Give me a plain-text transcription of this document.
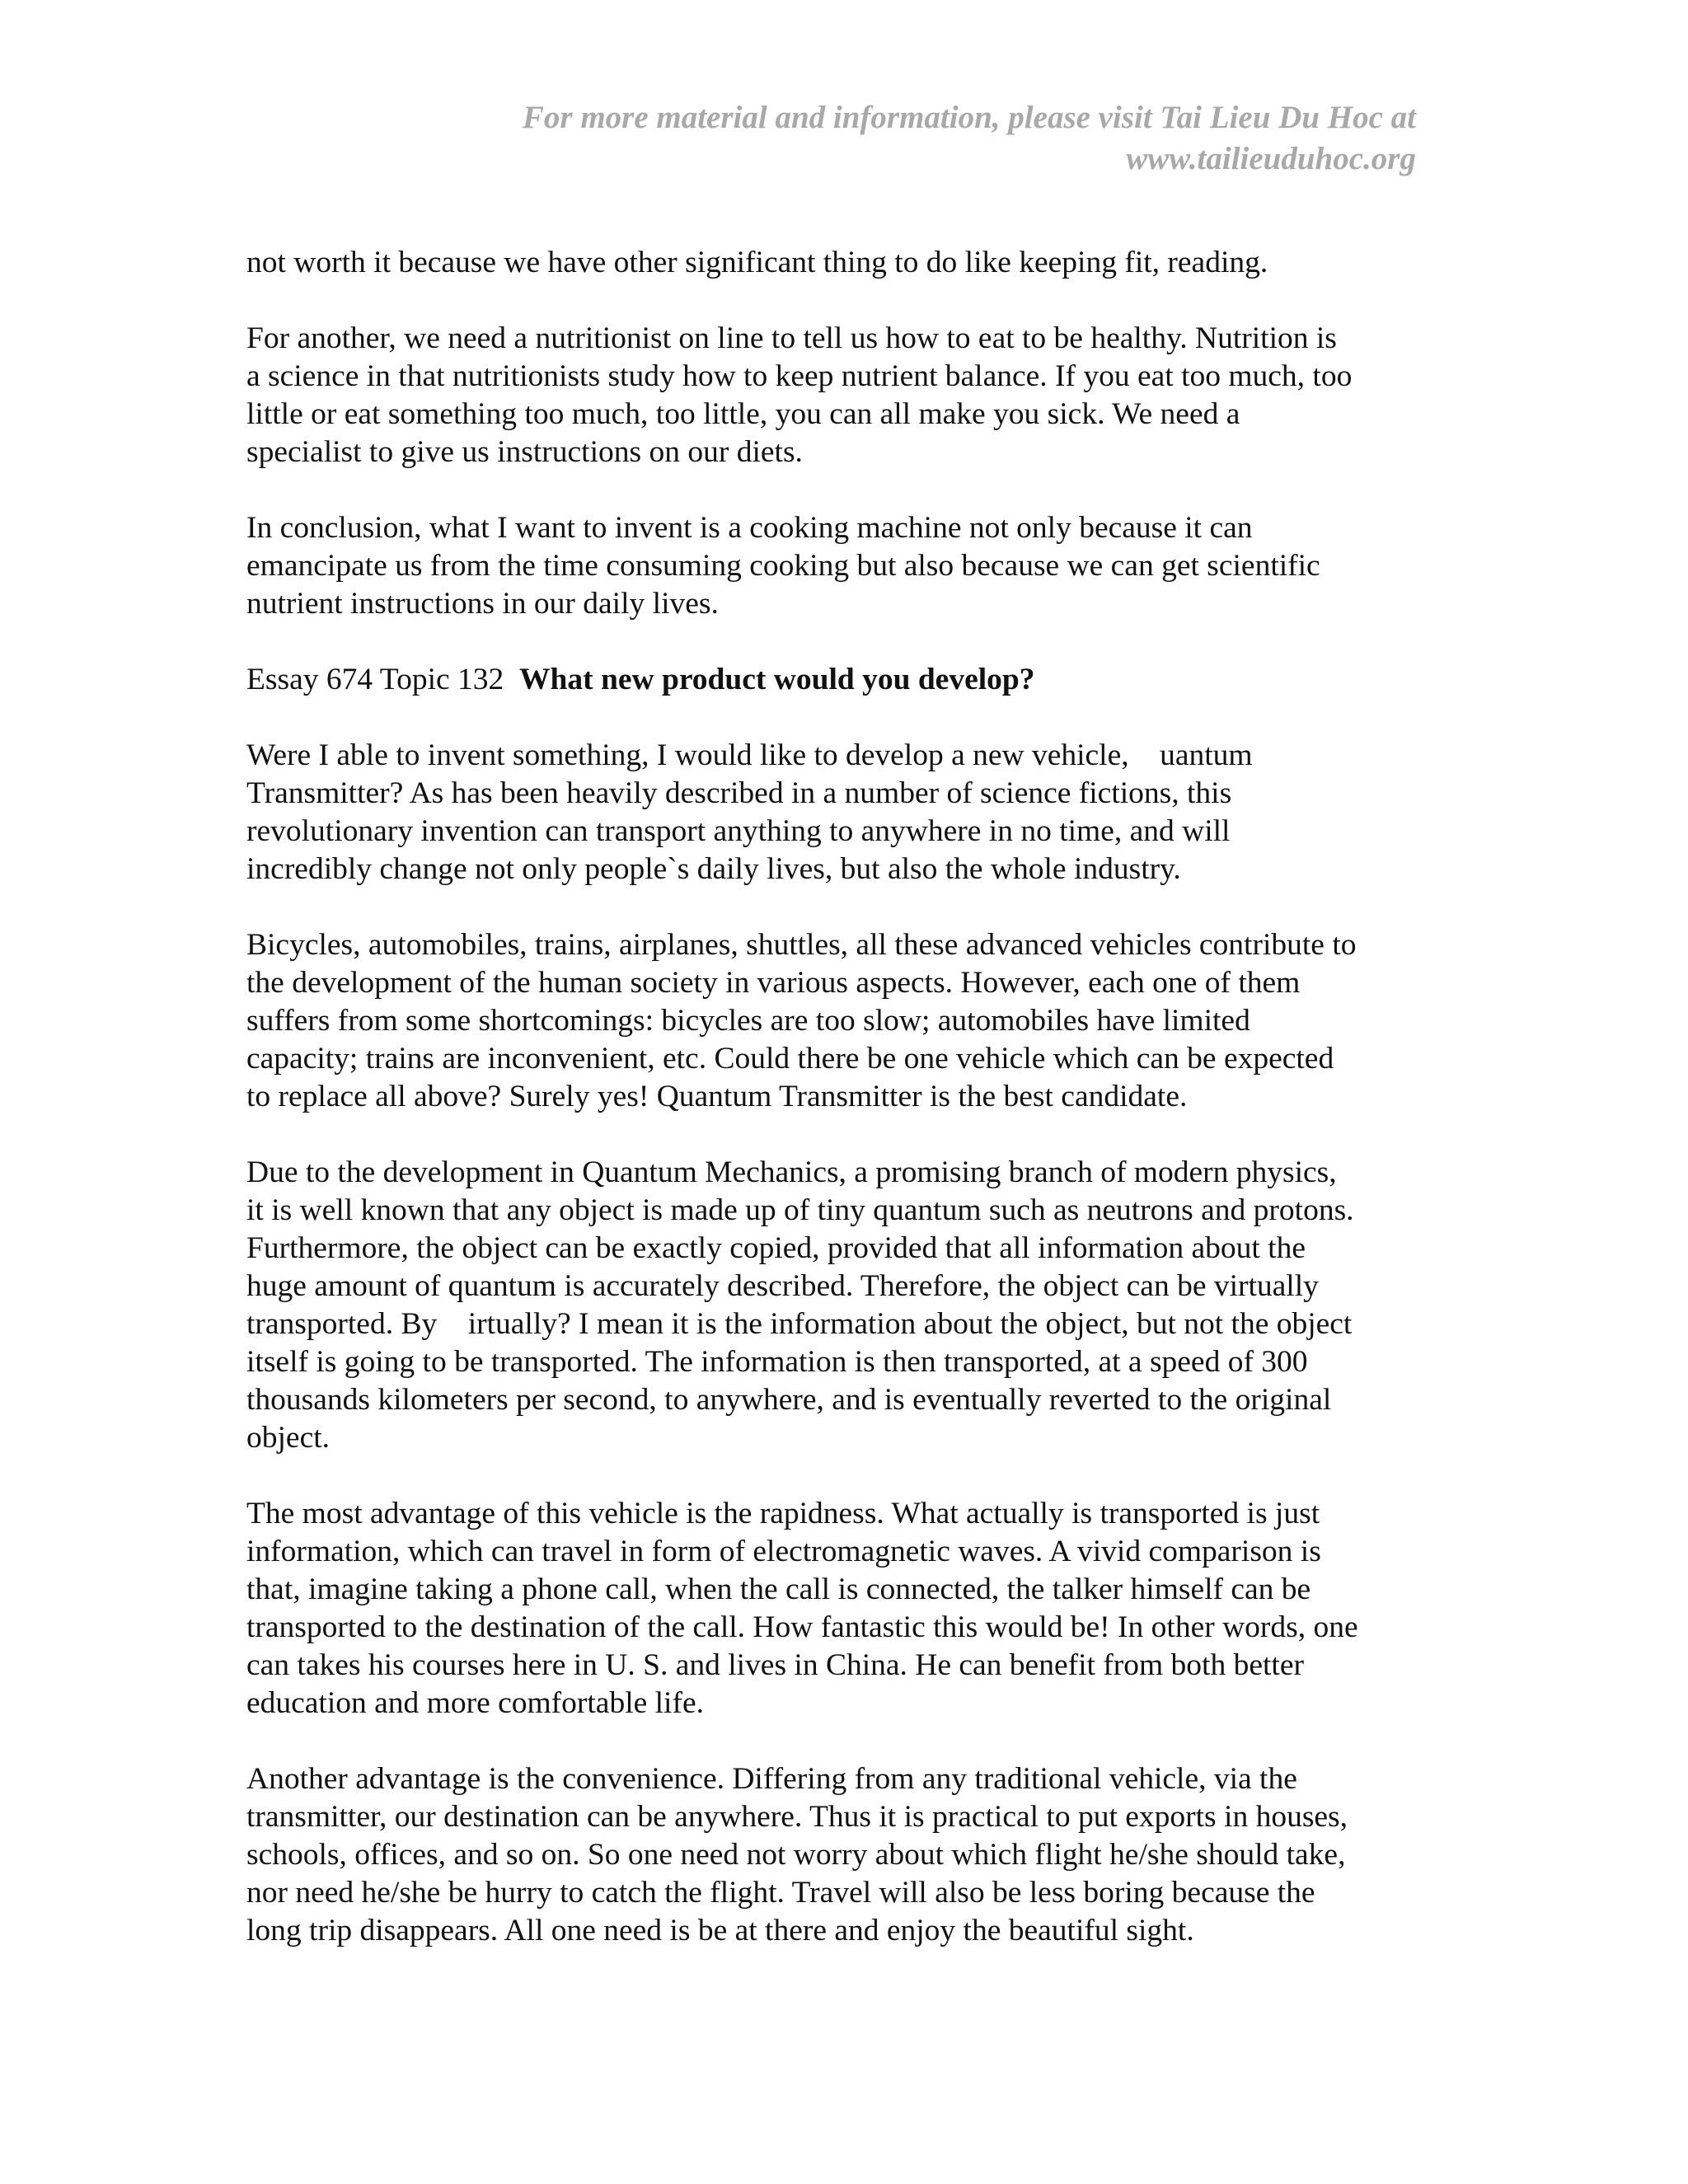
For more material and information, please visit Tai Lieu Du Hoc at
www.tailieuduhoc.org

not worth it because we have other significant thing to do like keeping fit, reading.

For another, we need a nutritionist on line to tell us how to eat to be healthy. Nutrition is
a science in that nutritionists study how to keep nutrient balance. If you eat too much, too
little or eat something too much, too little, you can all make you sick. We need a
specialist to give us instructions on our diets.

In conclusion, what I want to invent is a cooking machine not only because it can
emancipate us from the time consuming cooking but also because we can get scientific
nutrient instructions in our daily lives.

Essay 674 Topic 132  What new product would you develop?

Were I able to invent something, I would like to develop a new vehicle,    uantum
Transmitter? As has been heavily described in a number of science fictions, this
revolutionary invention can transport anything to anywhere in no time, and will
incredibly change not only people`s daily lives, but also the whole industry.

Bicycles, automobiles, trains, airplanes, shuttles, all these advanced vehicles contribute to
the development of the human society in various aspects. However, each one of them
suffers from some shortcomings: bicycles are too slow; automobiles have limited
capacity; trains are inconvenient, etc. Could there be one vehicle which can be expected
to replace all above? Surely yes! Quantum Transmitter is the best candidate.

Due to the development in Quantum Mechanics, a promising branch of modern physics,
it is well known that any object is made up of tiny quantum such as neutrons and protons.
Furthermore, the object can be exactly copied, provided that all information about the
huge amount of quantum is accurately described. Therefore, the object can be virtually
transported. By    irtually? I mean it is the information about the object, but not the object
itself is going to be transported. The information is then transported, at a speed of 300
thousands kilometers per second, to anywhere, and is eventually reverted to the original
object.

The most advantage of this vehicle is the rapidness. What actually is transported is just
information, which can travel in form of electromagnetic waves. A vivid comparison is
that, imagine taking a phone call, when the call is connected, the talker himself can be
transported to the destination of the call. How fantastic this would be! In other words, one
can takes his courses here in U. S. and lives in China. He can benefit from both better
education and more comfortable life.

Another advantage is the convenience. Differing from any traditional vehicle, via the
transmitter, our destination can be anywhere. Thus it is practical to put exports in houses,
schools, offices, and so on. So one need not worry about which flight he/she should take,
nor need he/she be hurry to catch the flight. Travel will also be less boring because the
long trip disappears. All one need is be at there and enjoy the beautiful sight.
